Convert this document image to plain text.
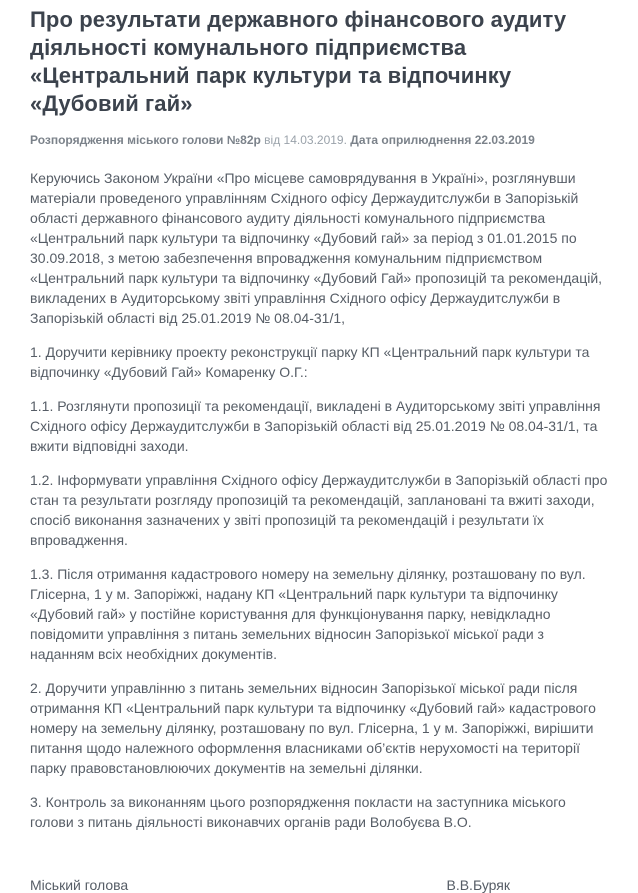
Про результати державного фінансового аудиту діяльності комунального підприємства «Центральний парк культури та відпочинку «Дубовий гай»
Розпорядження міського голови №82р від 14.03.2019. Дата оприлюднення 22.03.2019

Керуючись Законом України «Про місцеве самоврядування в Україні», розглянувши матеріали проведеного управлінням Східного офісу Держаудитслужби в Запорізькій області державного фінансового аудиту діяльності комунального підприємства «Центральний парк культури та відпочинку «Дубовий гай» за період з 01.01.2015 по 30.09.2018, з метою забезпечення впровадження комунальним підприємством «Центральний парк культури та відпочинку «Дубовий Гай» пропозицій та рекомендацій, викладених в Аудиторському звіті управління Східного офісу Держаудитслужби в Запорізькій області від 25.01.2019 № 08.04-31/1,

1. Доручити керівнику проекту реконструкції парку КП «Центральний парк культури та відпочинку «Дубовий Гай» Комаренку О.Г.:

1.1. Розглянути пропозиції та рекомендації, викладені в Аудиторському звіті управління Східного офісу Держаудитслужби в Запорізькій області від 25.01.2019 № 08.04-31/1, та вжити відповідні заходи.

1.2. Інформувати управління Східного офісу Держаудитслужби в Запорізькій області про стан та результати розгляду пропозицій та рекомендацій, заплановані та вжиті заходи, спосіб виконання зазначених у звіті пропозицій та рекомендацій і результати їх впровадження.

1.3. Після отримання кадастрового номеру на земельну ділянку, розташовану по вул. Глісерна, 1 у м. Запоріжжі, надану КП «Центральний парк культури та відпочинку «Дубовий гай» у постійне користування для функціонування парку, невідкладно повідомити управління з питань земельних відносин Запорізької міської ради з наданням всіх необхідних документів.

2. Доручити управлінню з питань земельних відносин Запорізької міської ради після отримання КП «Центральний парк культури та відпочинку «Дубовий гай» кадастрового номеру на земельну ділянку, розташовану по вул. Глісерна, 1 у м. Запоріжжі, вирішити питання щодо належного оформлення власниками об’єктів нерухомості на території парку правовстановлюючих документів на земельні ділянки.

3. Контроль за виконанням цього розпорядження покласти на заступника міського голови з питань діяльності виконавчих органів ради Волобуєва В.О.

Міський голова	В.В.Буряк
